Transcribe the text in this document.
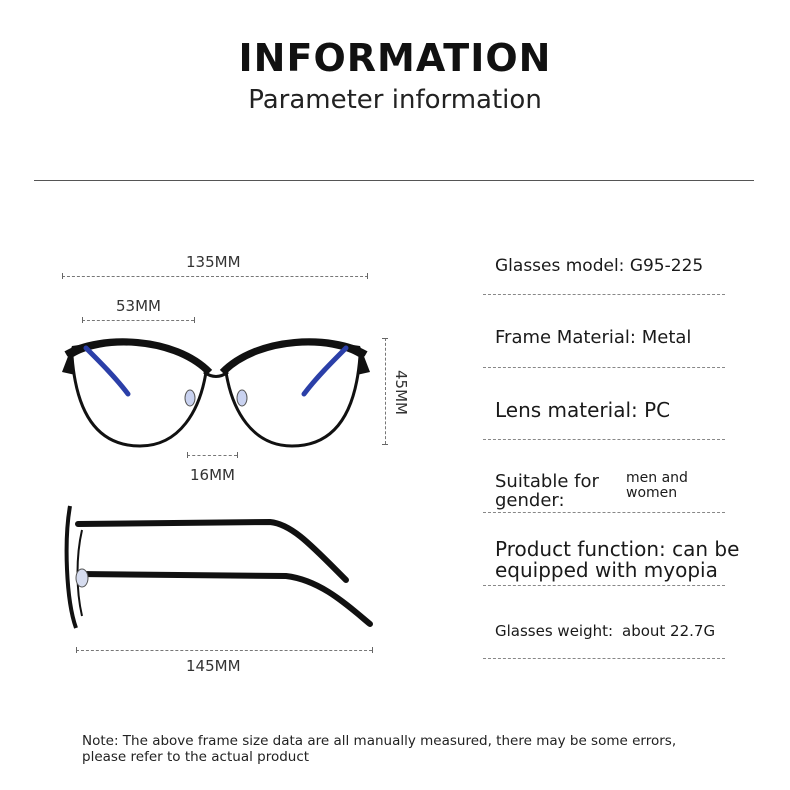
INFORMATION
Parameter information
135MM
53MM
45MM
16MM
145MM
Glasses model: G95-225
Frame Material: Metal
Lens material: PC
Suitable for
gender:
men and
women
Product function: can be
equipped with myopia
Glasses weight: about 22.7G
Note: The above frame size data are all manually measured, there may be some errors,
please refer to the actual product
